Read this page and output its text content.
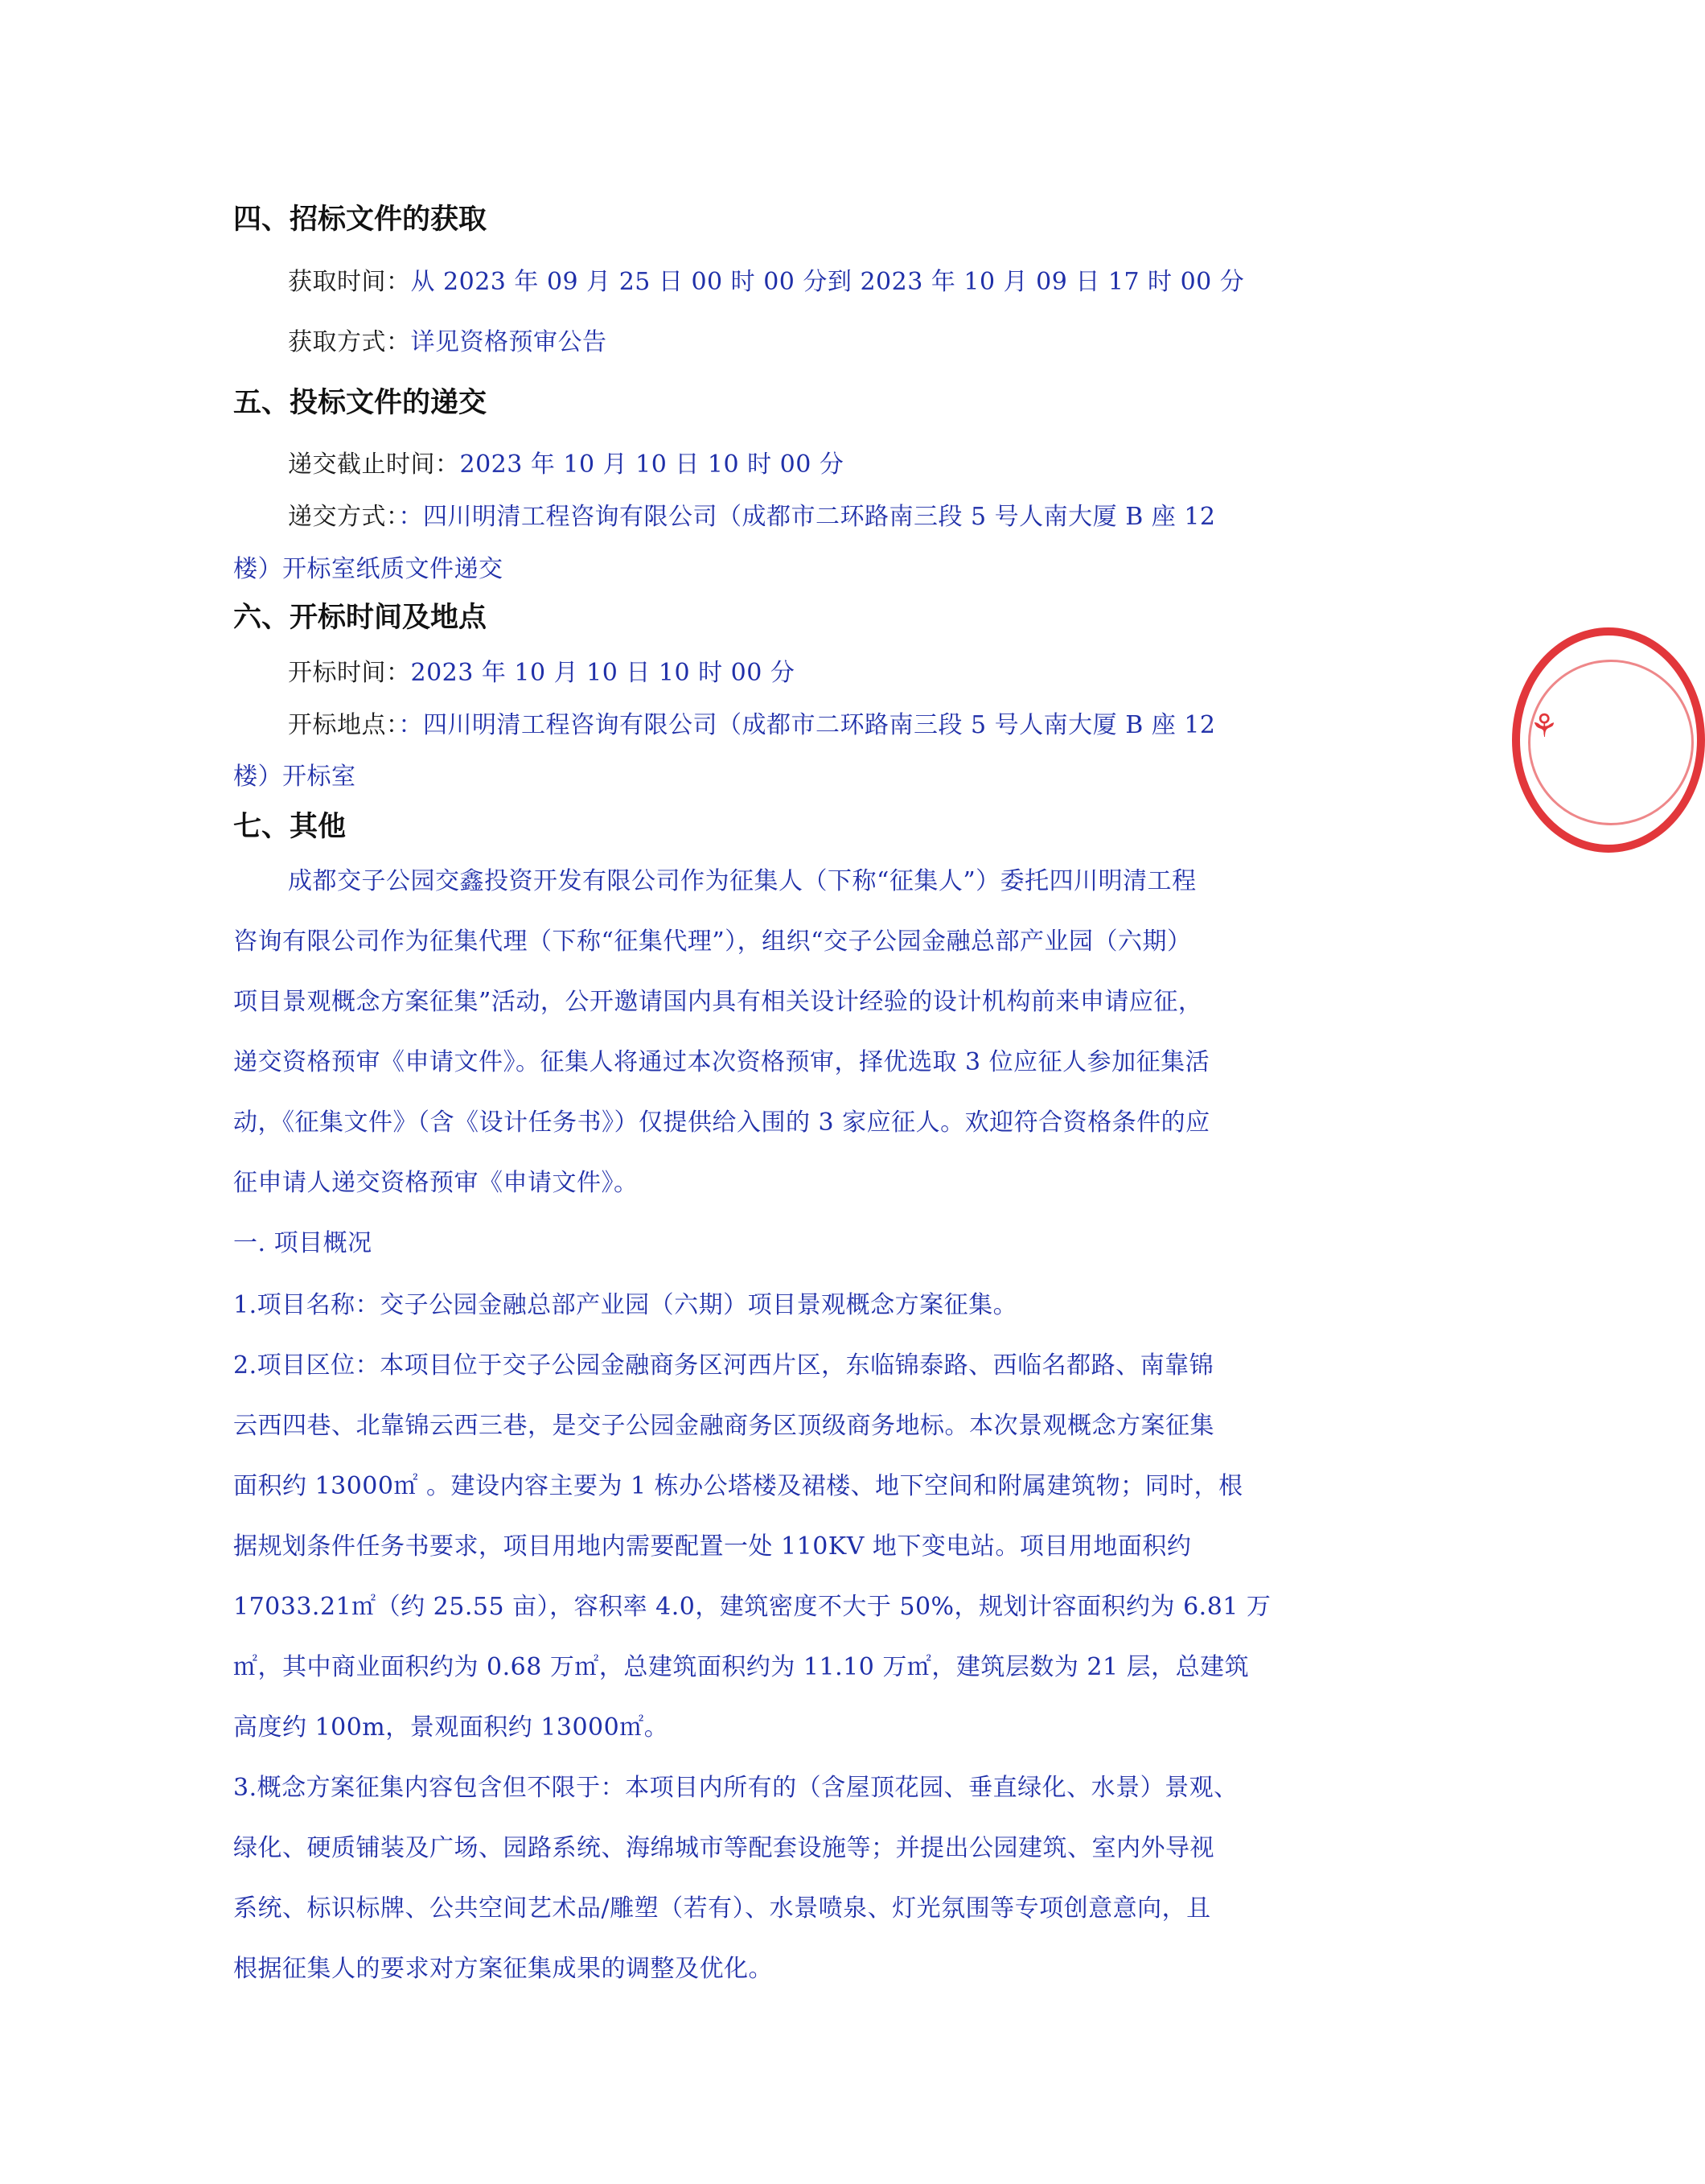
四、招标文件的获取
获取时间：从 2023 年 09 月 25 日 00 时 00 分到 2023 年 10 月 09 日 17 时 00 分
获取方式：详见资格预审公告
五、投标文件的递交
递交截止时间：2023 年 10 月 10 日 10 时 00 分
递交方式：：四川明清工程咨询有限公司（成都市二环路南三段 5 号人南大厦 B 座 12
楼）开标室纸质文件递交
六、开标时间及地点
开标时间：2023 年 10 月 10 日 10 时 00 分
开标地点：：四川明清工程咨询有限公司（成都市二环路南三段 5 号人南大厦 B 座 12
楼）开标室
七、其他
成都交子公园交鑫投资开发有限公司作为征集人（下称“征集人”）委托四川明清工程
咨询有限公司作为征集代理（下称“征集代理”），组织“交子公园金融总部产业园（六期）
项目景观概念方案征集”活动，公开邀请国内具有相关设计经验的设计机构前来申请应征，
递交资格预审《申请文件》。征集人将通过本次资格预审，择优选取 3 位应征人参加征集活
动，《征集文件》（含《设计任务书》）仅提供给入围的 3 家应征人。欢迎符合资格条件的应
征申请人递交资格预审《申请文件》。
一. 项目概况
1.项目名称：交子公园金融总部产业园（六期）项目景观概念方案征集。
2.项目区位：本项目位于交子公园金融商务区河西片区，东临锦泰路、西临名都路、南靠锦
云西四巷、北靠锦云西三巷，是交子公园金融商务区顶级商务地标。本次景观概念方案征集
面积约 13000㎡ 。建设内容主要为 1 栋办公塔楼及裙楼、地下空间和附属建筑物；同时，根
据规划条件任务书要求，项目用地内需要配置一处 110KV 地下变电站。项目用地面积约
17033.21㎡（约 25.55 亩），容积率 4.0，建筑密度不大于 50%，规划计容面积约为 6.81 万
㎡，其中商业面积约为 0.68 万㎡，总建筑面积约为 11.10 万㎡，建筑层数为 21 层，总建筑
高度约 100m，景观面积约 13000㎡。
3.概念方案征集内容包含但不限于：本项目内所有的（含屋顶花园、垂直绿化、水景）景观、
绿化、硬质铺装及广场、园路系统、海绵城市等配套设施等；并提出公园建筑、室内外导视
系统、标识标牌、公共空间艺术品/雕塑（若有）、水景喷泉、灯光氛围等专项创意意向，且
根据征集人的要求对方案征集成果的调整及优化。
⚘
